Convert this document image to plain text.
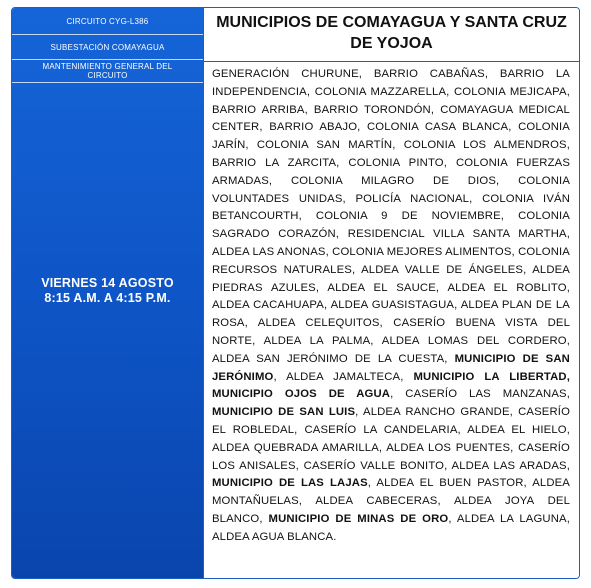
CIRCUITO CYG-L386
SUBESTACIÓN COMAYAGUA
MANTENIMIENTO GENERAL DEL CIRCUITO
VIERNES 14 AGOSTO
8:15 A.M. A 4:15 P.M.
MUNICIPIOS DE COMAYAGUA Y SANTA CRUZ DE YOJOA
GENERACIÓN CHURUNE, BARRIO CABAÑAS, BARRIO LA INDEPENDENCIA, COLONIA MAZZARELLA, COLONIA MEJICAPA, BARRIO ARRIBA, BARRIO TORONDÓN, COMAYAGUA MEDICAL CENTER, BARRIO ABAJO, COLONIA CASA BLANCA, COLONIA JARÍN, COLONIA SAN MARTÍN, COLONIA LOS ALMENDROS, BARRIO LA ZARCITA, COLONIA PINTO, COLONIA FUERZAS ARMADAS, COLONIA MILAGRO DE DIOS, COLONIA VOLUNTADES UNIDAS, POLICÍA NACIONAL, COLONIA IVÁN BETANCOURTH, COLONIA 9 DE NOVIEMBRE, COLONIA SAGRADO CORAZÓN, RESIDENCIAL VILLA SANTA MARTHA, ALDEA LAS ANONAS, COLONIA MEJORES ALIMENTOS, COLONIA RECURSOS NATURALES, ALDEA VALLE DE ÁNGELES, ALDEA PIEDRAS AZULES, ALDEA EL SAUCE, ALDEA EL ROBLITO, ALDEA CACAHUAPA, ALDEA GUASISTAGUA, ALDEA PLAN DE LA ROSA, ALDEA CELEQUITOS, CASERÍO BUENA VISTA DEL NORTE, ALDEA LA PALMA, ALDEA LOMAS DEL CORDERO, ALDEA SAN JERÓNIMO DE LA CUESTA, MUNICIPIO DE SAN JERÓNIMO, ALDEA JAMALTECA, MUNICIPIO LA LIBERTAD, MUNICIPIO OJOS DE AGUA, CASERÍO LAS MANZANAS, MUNICIPIO DE SAN LUIS, ALDEA RANCHO GRANDE, CASERÍO EL ROBLEDAL, CASERÍO LA CANDELARIA, ALDEA EL HIELO, ALDEA QUEBRADA AMARILLA, ALDEA LOS PUENTES, CASERÍO LOS ANISALES, CASERÍO VALLE BONITO, ALDEA LAS ARADAS, MUNICIPIO DE LAS LAJAS, ALDEA EL BUEN PASTOR, ALDEA MONTAÑUELAS, ALDEA CABECERAS, ALDEA JOYA DEL BLANCO, MUNICIPIO DE MINAS DE ORO, ALDEA LA LAGUNA, ALDEA AGUA BLANCA.
